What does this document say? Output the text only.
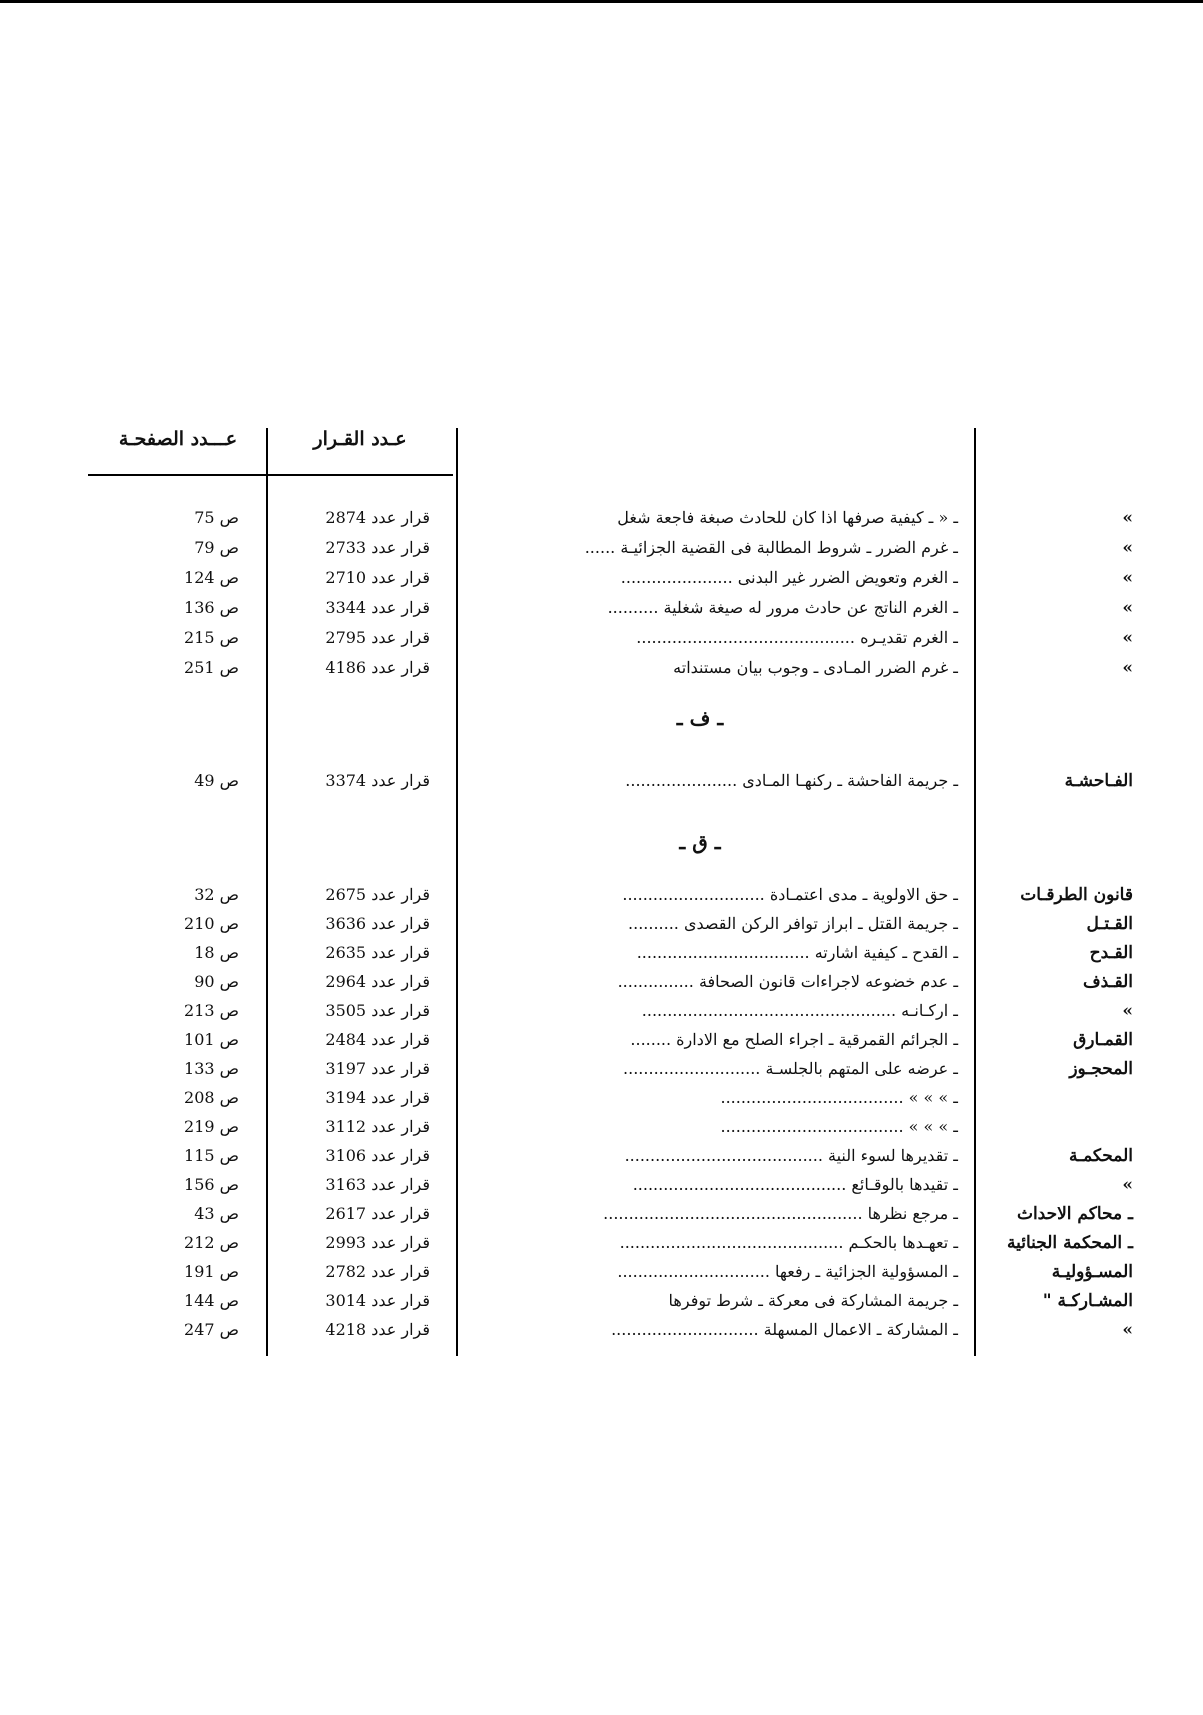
عـــدد الصفحـة	عـدد القـرار
ـ ف ـ
ـ ق ـ
»
ـ « ـ كيفية صرفها اذا كان للحادث صبغة فاجعة شغل
قرار عدد 2874
ص 75
»
ـ غرم الضرر ـ شروط المطالبة فى القضية الجزائيـة ......
قرار عدد 2733
ص 79
»
ـ الغرم وتعويض الضرر غير البدنى ......................
قرار عدد 2710
ص 124
»
ـ الغرم الناتج عن حادث مرور له صيغة شغلية ..........
قرار عدد 3344
ص 136
»
ـ الغرم تقديـره ...........................................
قرار عدد 2795
ص 215
»
ـ غرم الضرر المـادى ـ وجوب بيان مستنداته
قرار عدد 4186
ص 251
الفـاحشـة
ـ جريمة الفاحشة ـ ركنهـا المـادى ......................
قرار عدد 3374
ص 49
قانون الطرقـات
ـ حق الاولوية ـ مدى اعتمـادة ............................
قرار عدد 2675
ص 32
القـتـل
ـ جريمة القتل ـ ابراز توافر الركن القصدى ..........
قرار عدد 3636
ص 210
القـدح
ـ القدح ـ كيفية اشارته ..................................
قرار عدد 2635
ص 18
القـذف
ـ عدم خضوعه لاجراءات قانون الصحافة ...............
قرار عدد 2964
ص 90
»
ـ اركـانـه ..................................................
قرار عدد 3505
ص 213
القمـارق
ـ الجرائم القمرقية ـ اجراء الصلح مع الادارة ........
قرار عدد 2484
ص 101
المحجـوز
ـ عرضه على المتهم بالجلسـة ...........................
قرار عدد 3197
ص 133
ـ » » » ....................................
قرار عدد 3194
ص 208
ـ » » » ....................................
قرار عدد 3112
ص 219
المحكمـة
ـ تقديرها لسوء النية .......................................
قرار عدد 3106
ص 115
»
ـ تقيدها بالوقـائع ..........................................
قرار عدد 3163
ص 156
ـ محاكم الاحداث
ـ مرجع نظرها ...................................................
قرار عدد 2617
ص 43
ـ المحكمة الجنائية
ـ تعهـدها بالحكـم ............................................
قرار عدد 2993
ص 212
المسـؤوليـة
ـ المسؤولية الجزائية ـ رفعها ..............................
قرار عدد 2782
ص 191
المشـاركـة "
ـ جريمة المشاركة فى معركة ـ شرط توفرها
قرار عدد 3014
ص 144
»
ـ المشاركة ـ الاعمال المسهلة .............................
قرار عدد 4218
ص 247
